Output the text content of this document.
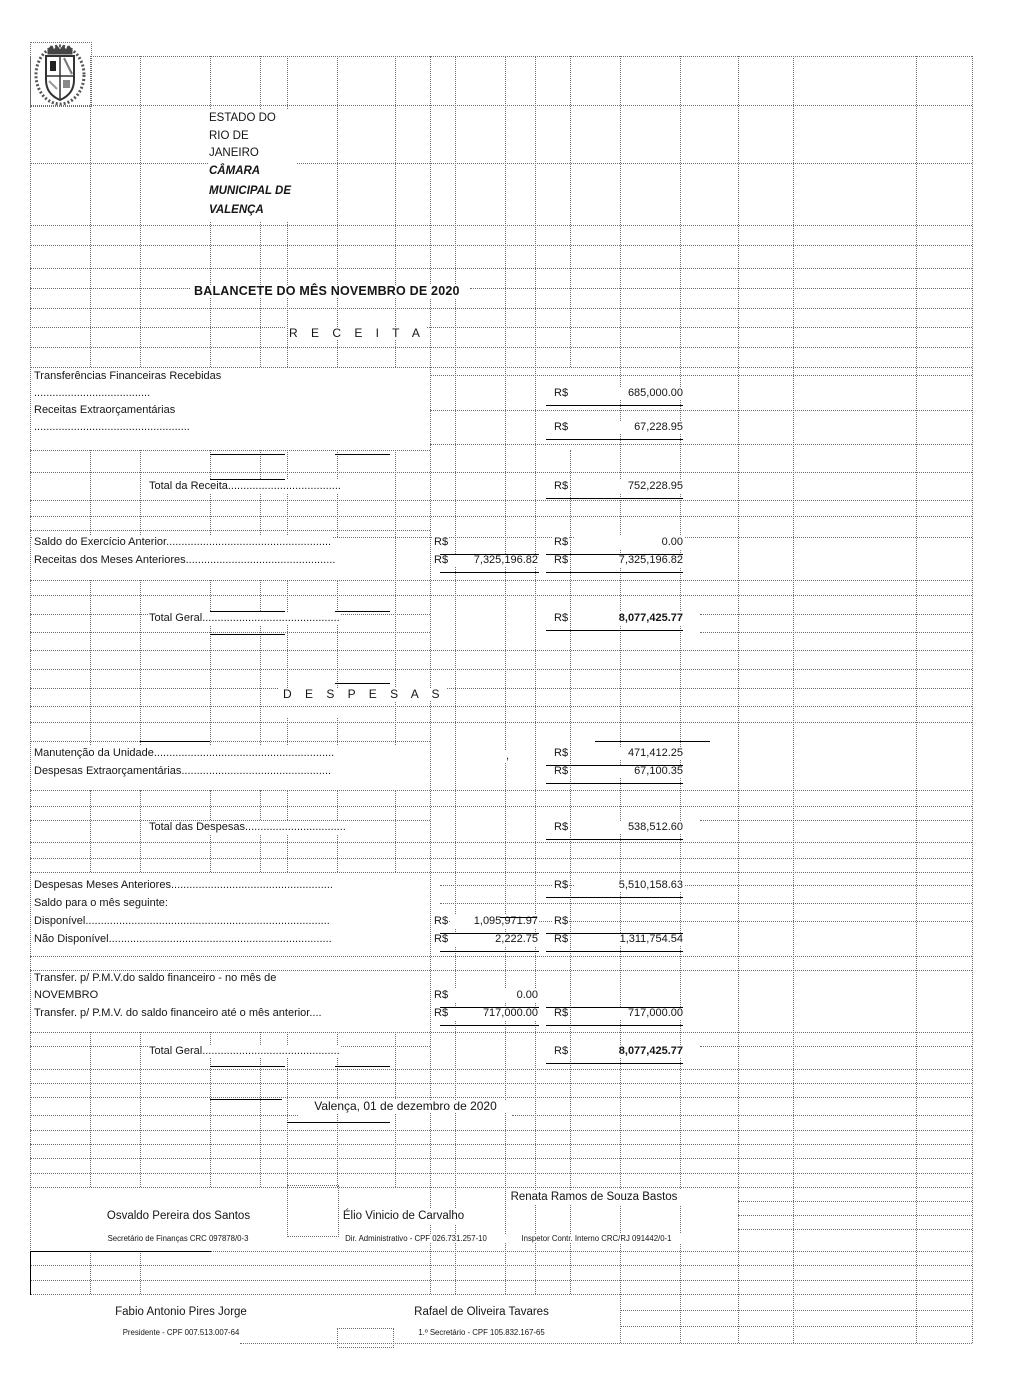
ESTADO DO RIO DE JANEIRO
CÂMARA MUNICIPAL DE VALENÇA
BALANCETE DO MÊS NOVEMBRO DE 2020
R E C E I T A
Transferências Financeiras Recebidas
......................................	R$	685,000.00
Receitas Extraorçamentárias
...................................................	R$	67,228.95
Total da Receita.....................................	R$	752,228.95
Saldo do Exercício Anterior......................................................	R$	R$	0.00
Receitas dos Meses Anteriores.................................................	R$	7,325,196.82 R$	7,325,196.82
Total Geral.............................................	R$	8,077,425.77
D E S P E S A S
Manutenção da Unidade...........................................................	,	R$	471,412.25
Despesas Extraorçamentárias.................................................	R$	67,100.35
Total das Despesas.................................	R$	538,512.60
Despesas Meses Anteriores.....................................................	R$	5,510,158.63
Saldo para o mês seguinte:
Disponível................................................................................	R$	1,095,971.97 R$
Não Disponível.........................................................................	R$	2,222.75 R$	1,311,754.54
Transfer. p/ P.M.V.do saldo financeiro - no mês de
NOVEMBRO	R$	0.00
Transfer. p/ P.M.V. do saldo financeiro até o mês anterior....	R$	717,000.00 R$	717,000.00
Total Geral.............................................	R$	8,077,425.77
Valença, 01 de dezembro de 2020
Osvaldo Pereira dos Santos	Élio Vinicio de Carvalho
Renata Ramos de Souza Bastos
Secretário de Finanças CRC 097878/0-3	Dir. Administrativo - CPF 026.731.257-10	Inspetor Contr. Interno CRC/RJ 091442/0-1
Fabio Antonio Pires Jorge
Presidente - CPF 007.513.007-64
Rafael de Oliveira Tavares
1.º Secretário - CPF 105.832.167-65
